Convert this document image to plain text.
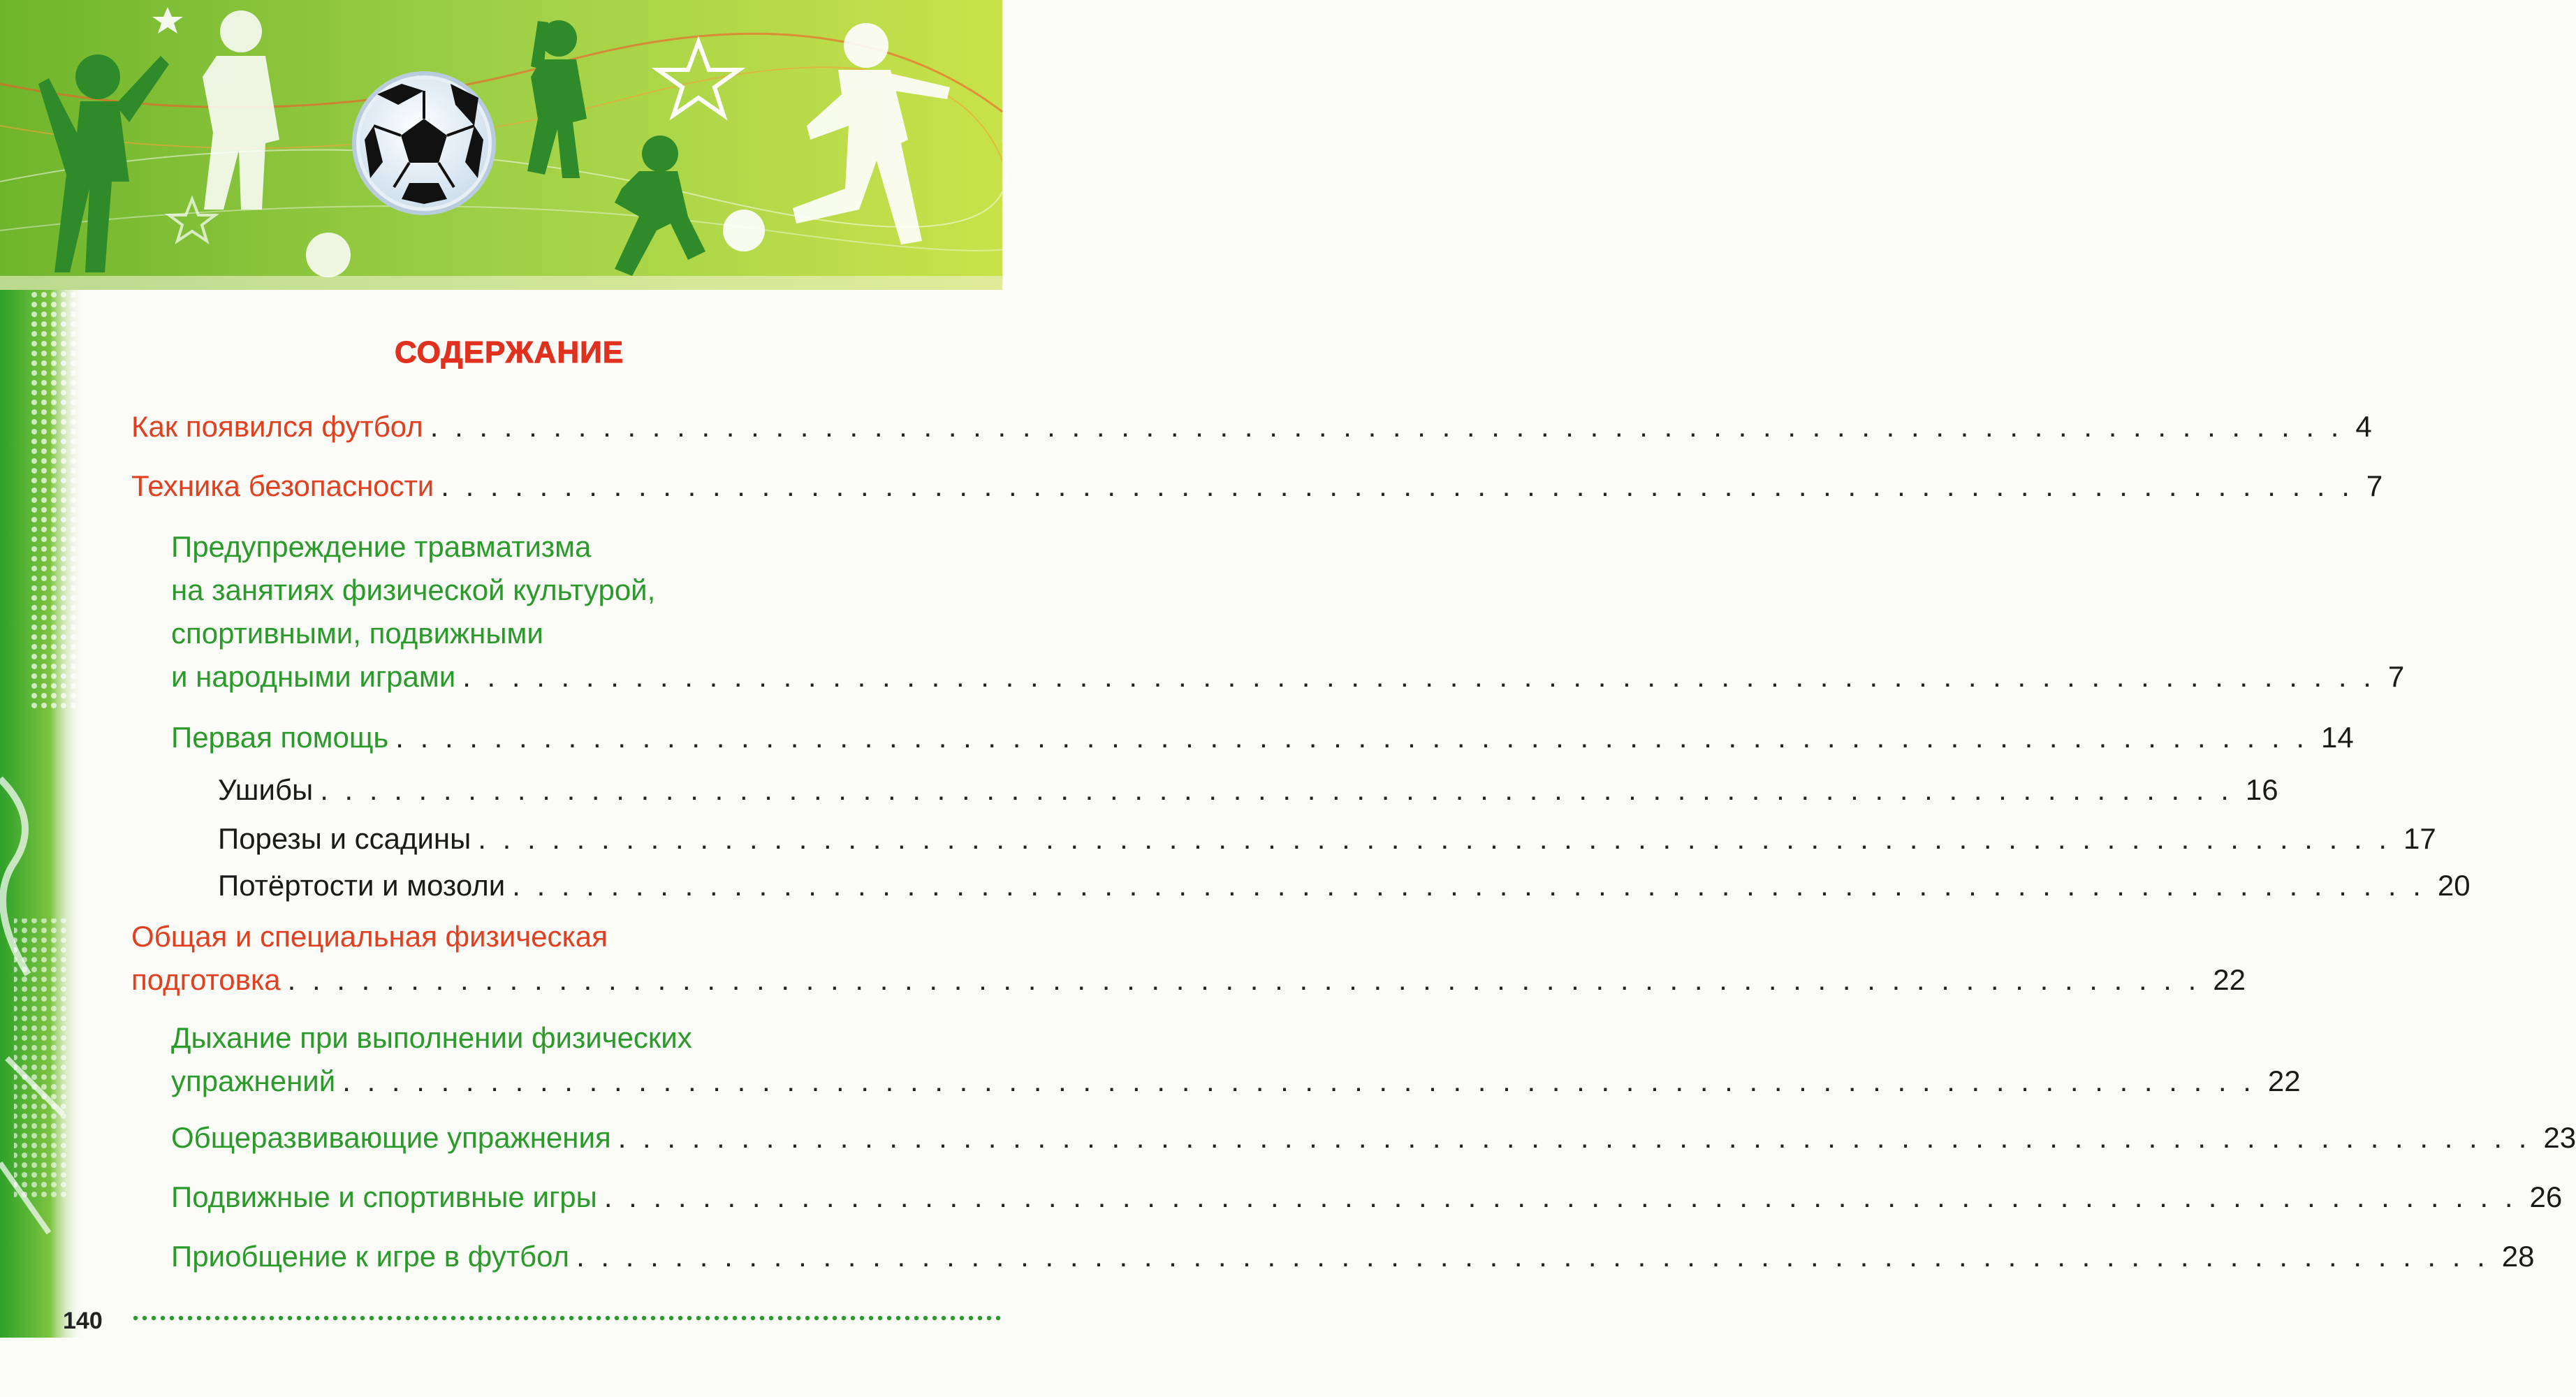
СОДЕРЖАНИЕ
Как появился футбол . . .	4
Техника безопасности . . .	7
Предупреждение травматизма
на занятиях физической культурой,
спортивными, подвижными
и народными играми . . .	7
Первая помощь . . .	14
Ушибы . . .	16
Порезы и ссадины . . .	17
Потёртости и мозоли . . .	20
Общая и специальная физическая
подготовка . . .	22
Дыхание при выполнении физических
упражнений . . .	22
Общеразвивающие упражнения . . .	23
Подвижные и спортивные игры . . .	26
Приобщение к игре в футбол . . .	28
140
